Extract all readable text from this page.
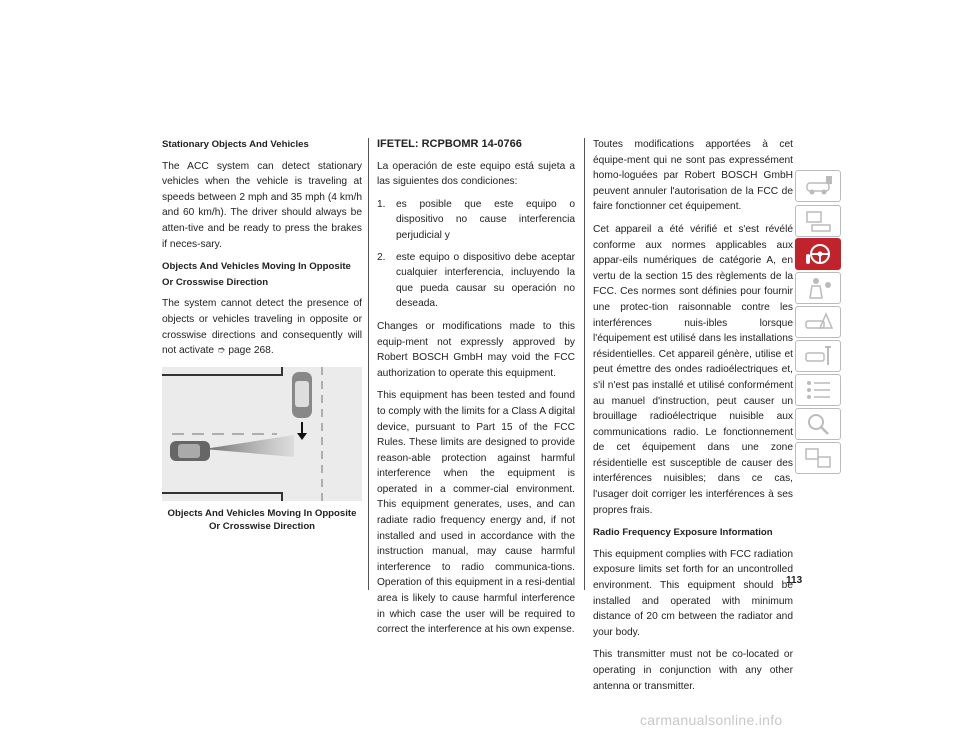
Stationary Objects And Vehicles

The ACC system can detect stationary vehicles when the vehicle is traveling at speeds between 2 mph and 35 mph (4 km/h and 60 km/h). The driver should always be atten-tive and be ready to press the brakes if neces-sary.

Objects And Vehicles Moving In Opposite Or Crosswise Direction

The system cannot detect the presence of objects or vehicles traveling in opposite or crosswise directions and consequently will not activate ➮ page 268.

Objects And Vehicles Moving In Opposite Or Crosswise Direction
IFETEL: RCPBOMR 14-0766

La operación de este equipo está sujeta a las siguientes dos condiciones:

1. es posible que este equipo o dispositivo no cause interferencia perjudicial y
2. este equipo o dispositivo debe aceptar cualquier interferencia, incluyendo la que pueda causar su operación no deseada.

Changes or modifications made to this equip-ment not expressly approved by Robert BOSCH GmbH may void the FCC authorization to operate this equipment.

This equipment has been tested and found to comply with the limits for a Class A digital device, pursuant to Part 15 of the FCC Rules. These limits are designed to provide reason-able protection against harmful interference when the equipment is operated in a commer-cial environment. This equipment generates, uses, and can radiate radio frequency energy and, if not installed and used in accordance with the instruction manual, may cause harmful interference to radio communica-tions. Operation of this equipment in a resi-dential area is likely to cause harmful interference in which case the user will be required to correct the interference at his own expense.

Toutes modifications apportées à cet équipe-ment qui ne sont pas expressément homo-loguées par Robert BOSCH GmbH peuvent annuler l'autorisation de la FCC de faire fonctionner cet équipement.

Cet appareil a été vérifié et s'est révélé conforme aux normes applicables aux appar-eils numériques de catégorie A, en vertu de la section 15 des règlements de la FCC. Ces normes sont définies pour fournir une protec-tion raisonnable contre les interférences nuis-ibles lorsque l'équipement est utilisé dans les installations résidentielles. Cet appareil génère, utilise et peut émettre des ondes radioélectriques et, s'il n'est pas installé et utilisé conformément au manuel d'instruction, peut causer un brouillage radioélectrique nuisible aux communications radio. Le fonctionnement de cet équipement dans une zone résidentielle est susceptible de causer des interférences nuisibles; dans ce cas, l'usager doit corriger les interférences à ses propres frais.

Radio Frequency Exposure Information

This equipment complies with FCC radiation exposure limits set forth for an uncontrolled environment. This equipment should be installed and operated with minimum distance of 20 cm between the radiator and your body.

This transmitter must not be co-located or operating in conjunction with any other antenna or transmitter.

113
carmanualsonline.info
